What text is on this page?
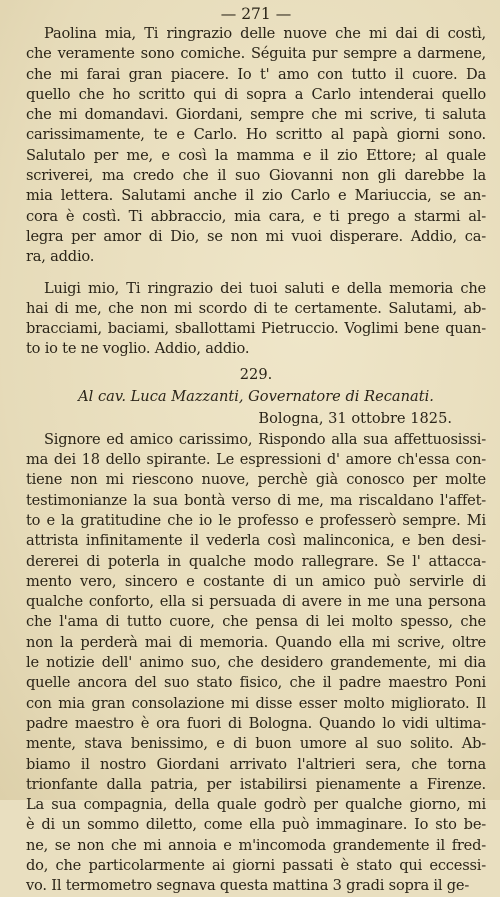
— 271 —
Paolina mia, Ti ringrazio delle nuove che mi dai di costì,
che veramente sono comiche. Séguita pur sempre a darmene,
che mi farai gran piacere. Io t' amo con tutto il cuore. Da
quello che ho scritto qui di sopra a Carlo intenderai quello
che mi domandavi. Giordani, sempre che mi scrive, ti saluta
carissimamente, te e Carlo. Ho scritto al papà giorni sono.
Salutalo per me, e così la mamma e il zio Ettore; al quale
scriverei, ma credo che il suo Giovanni non gli darebbe la
mia lettera. Salutami anche il zio Carlo e Mariuccia, se an-
cora è costì. Ti abbraccio, mia cara, e ti prego a starmi al-
legra per amor di Dio, se non mi vuoi disperare. Addio, ca-
ra, addio.
Luigi mio, Ti ringrazio dei tuoi saluti e della memoria che
hai di me, che non mi scordo di te certamente. Salutami, ab-
bracciami, baciami, sballottami Pietruccio. Voglimi bene quan-
to io te ne voglio. Addio, addio.
229.
Al cav. Luca Mazzanti, Governatore di Recanati.
Bologna, 31 ottobre 1825.
Signore ed amico carissimo, Rispondo alla sua affettuosissi-
ma dei 18 dello spirante. Le espressioni d' amore ch'essa con-
tiene non mi riescono nuove, perchè già conosco per molte
testimonianze la sua bontà verso di me, ma riscaldano l'affet-
to e la gratitudine che io le professo e professerò sempre. Mi
attrista infinitamente il vederla così malinconica, e ben desi-
dererei di poterla in qualche modo rallegrare. Se l' attacca-
mento vero, sincero e costante di un amico può servirle di
qualche conforto, ella si persuada di avere in me una persona
che l'ama di tutto cuore, che pensa di lei molto spesso, che
non la perderà mai di memoria. Quando ella mi scrive, oltre
le notizie dell' animo suo, che desidero grandemente, mi dia
quelle ancora del suo stato fisico, che il padre maestro Poni
con mia gran consolazione mi disse esser molto migliorato. Il
padre maestro è ora fuori di Bologna. Quando lo vidi ultima-
mente, stava benissimo, e di buon umore al suo solito. Ab-
biamo il nostro Giordani arrivato l'altrieri sera, che torna
trionfante dalla patria, per istabilirsi pienamente a Firenze.
La sua compagnia, della quale godrò per qualche giorno, mi
è di un sommo diletto, come ella può immaginare. Io sto be-
ne, se non che mi annoia e m'incomoda grandemente il fred-
do, che particolarmente ai giorni passati è stato qui eccessi-
vo. Il termometro segnava questa mattina 3 gradi sopra il ge-
